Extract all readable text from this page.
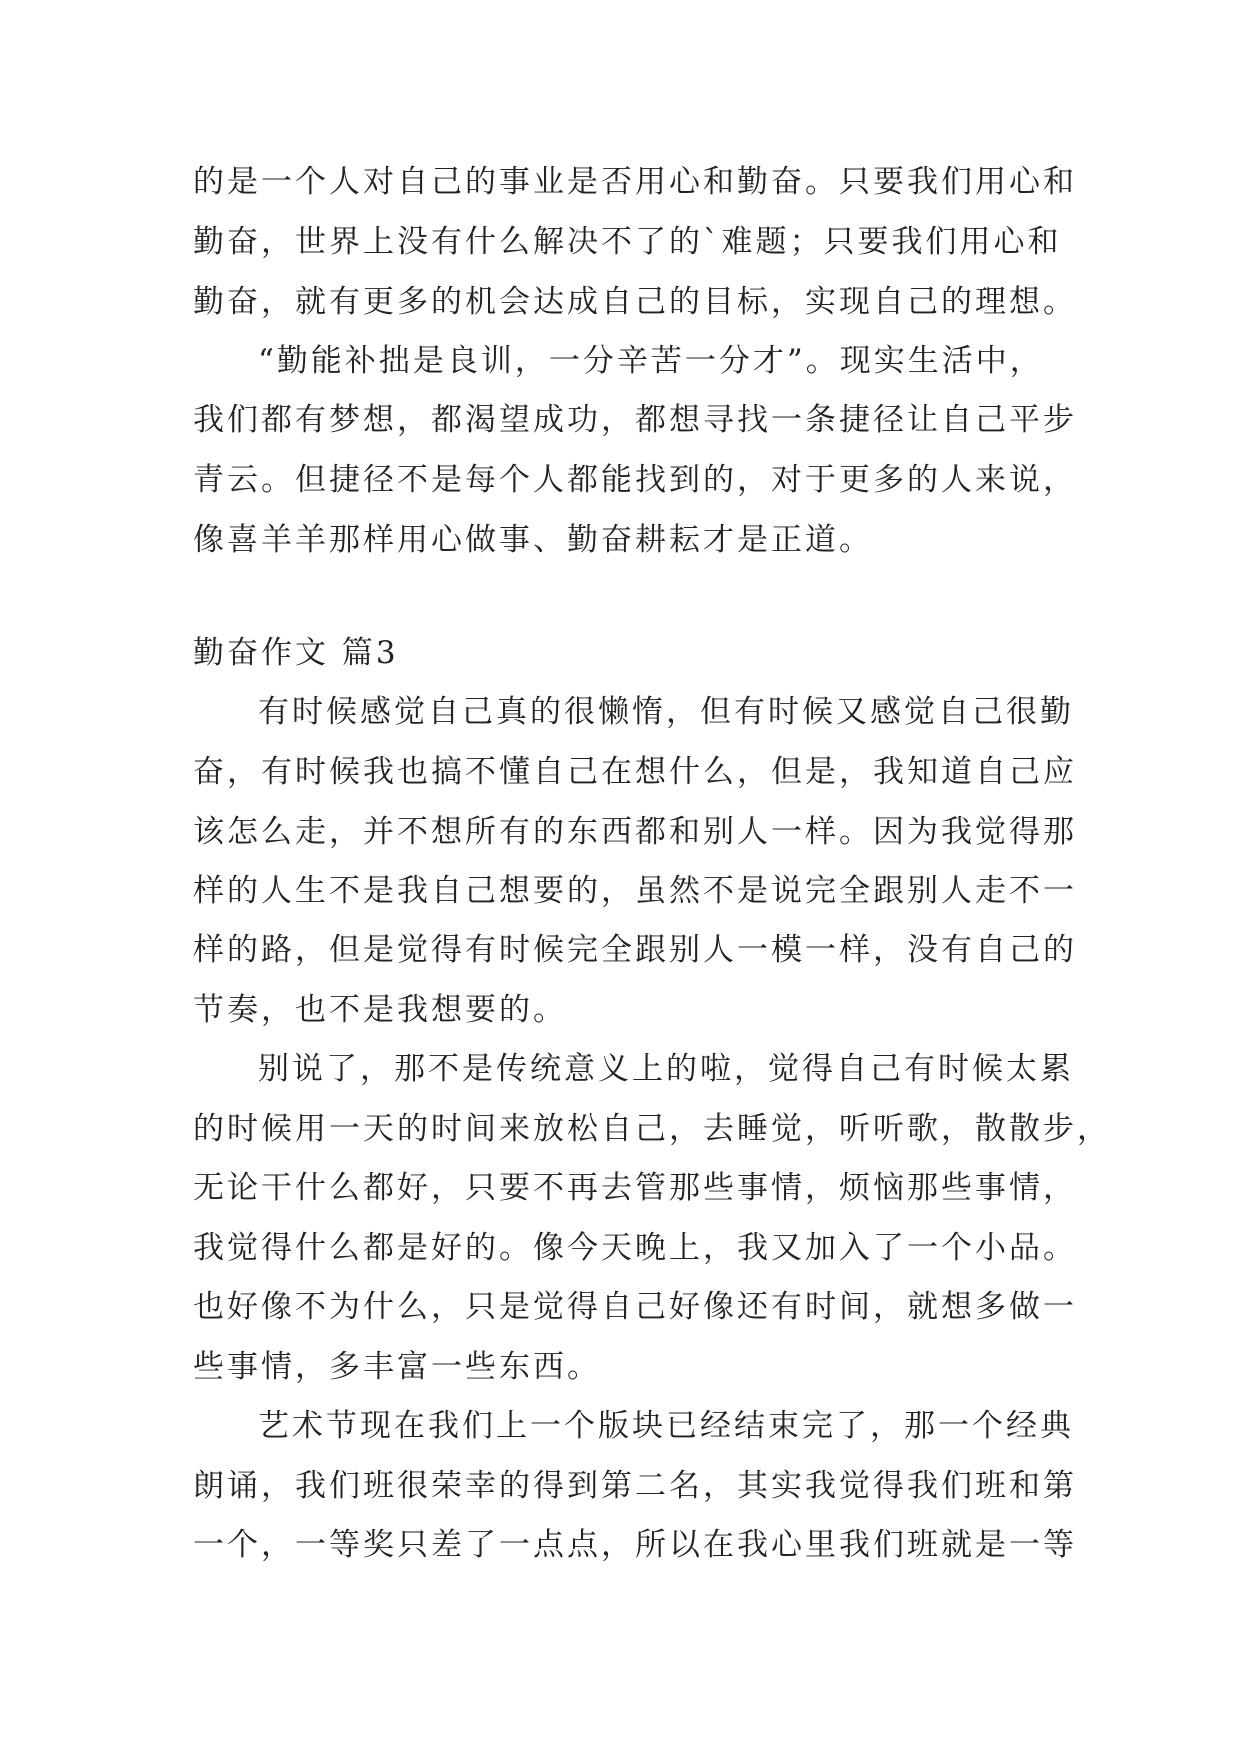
的是一个人对自己的事业是否用心和勤奋。只要我们用心和
勤奋，世界上没有什么解决不了的`难题；只要我们用心和
勤奋，就有更多的机会达成自己的目标，实现自己的理想。
“勤能补拙是良训，一分辛苦一分才”。现实生活中，
我们都有梦想，都渴望成功，都想寻找一条捷径让自己平步
青云。但捷径不是每个人都能找到的，对于更多的人来说，
像喜羊羊那样用心做事、勤奋耕耘才是正道。
勤奋作文 篇3
有时候感觉自己真的很懒惰，但有时候又感觉自己很勤
奋，有时候我也搞不懂自己在想什么，但是，我知道自己应
该怎么走，并不想所有的东西都和别人一样。因为我觉得那
样的人生不是我自己想要的，虽然不是说完全跟别人走不一
样的路，但是觉得有时候完全跟别人一模一样，没有自己的
节奏，也不是我想要的。
别说了，那不是传统意义上的啦，觉得自己有时候太累
的时候用一天的时间来放松自己，去睡觉，听听歌，散散步，
无论干什么都好，只要不再去管那些事情，烦恼那些事情，
我觉得什么都是好的。像今天晚上，我又加入了一个小品。
也好像不为什么，只是觉得自己好像还有时间，就想多做一
些事情，多丰富一些东西。
艺术节现在我们上一个版块已经结束完了，那一个经典
朗诵，我们班很荣幸的得到第二名，其实我觉得我们班和第
一个，一等奖只差了一点点，所以在我心里我们班就是一等
